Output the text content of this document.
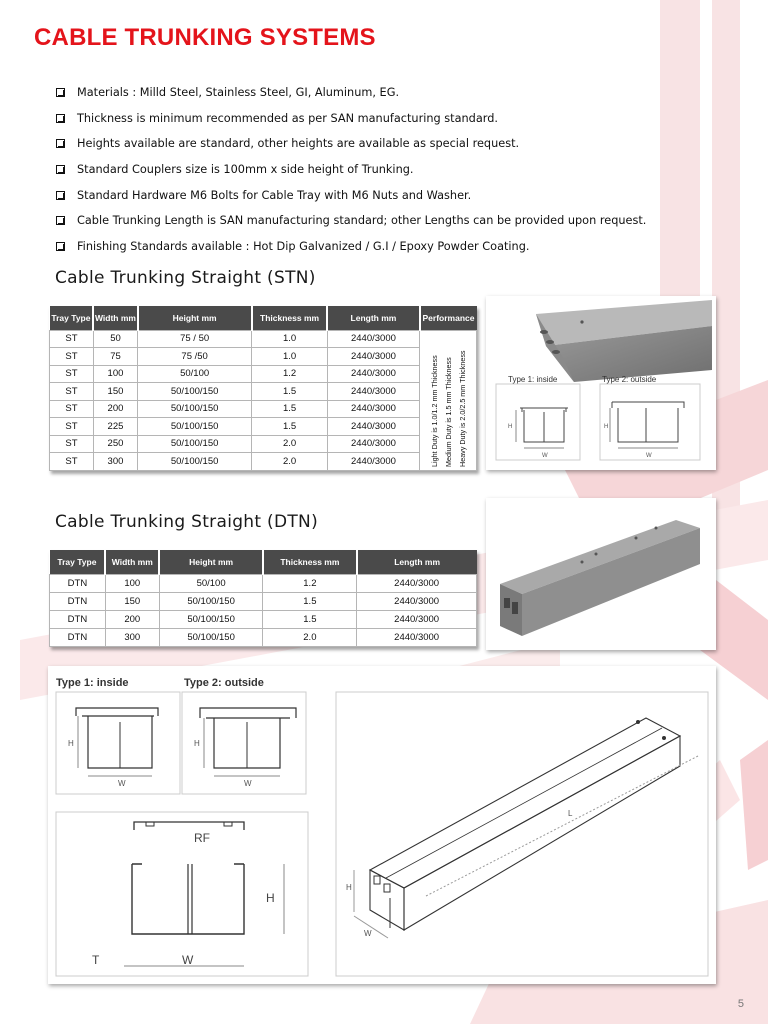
CABLE TRUNKING SYSTEMS
Materials : Milld Steel, Stainless Steel, GI, Aluminum, EG.
Thickness is minimum recommended as per SAN manufacturing standard.
Heights available are standard, other heights are available as special request.
Standard Couplers size is 100mm x side height of Trunking.
Standard Hardware M6 Bolts for Cable Tray with M6 Nuts and Washer.
Cable Trunking Length is SAN manufacturing standard; other Lengths can be provided upon request.
Finishing Standards available : Hot Dip Galvanized / G.I / Epoxy Powder Coating.
Cable Trunking Straight (STN)
Tray Type	Width mm	Height mm	Thickness mm	Length mm	Performance
ST	50	75 / 50	1.0	2440/3000	Light Duty is 1.0/1.2 mm Thickness Medium Duty is 1.5 mm Thickness Heavy Duty is 2.0/2.5 mm Thickness

ST	75	75 /50	1.0	2440/3000	
ST	100	50/100	1.2	2440/3000	
ST	150	50/100/150	1.5	2440/3000	
ST	200	50/100/150	1.5	2440/3000	
ST	225	50/100/150	1.5	2440/3000	
ST	250	50/100/150	2.0	2440/3000	
ST	300	50/100/150	2.0	2440/3000	
Type 1: inside	Type 2: outside
H	H
W	W
Cable Trunking Straight (DTN)
Tray Type	Width mm	Height mm	Thickness mm	Length mm
DTN	100	50/100	1.2	2440/3000
DTN	150	50/100/150	1.5	2440/3000
DTN	200	50/100/150	1.5	2440/3000
DTN	300	50/100/150	2.0	2440/3000
Type 1: inside	Type 2: outside
H
W
H
W
RF
H
T	W
L
H
W
5
